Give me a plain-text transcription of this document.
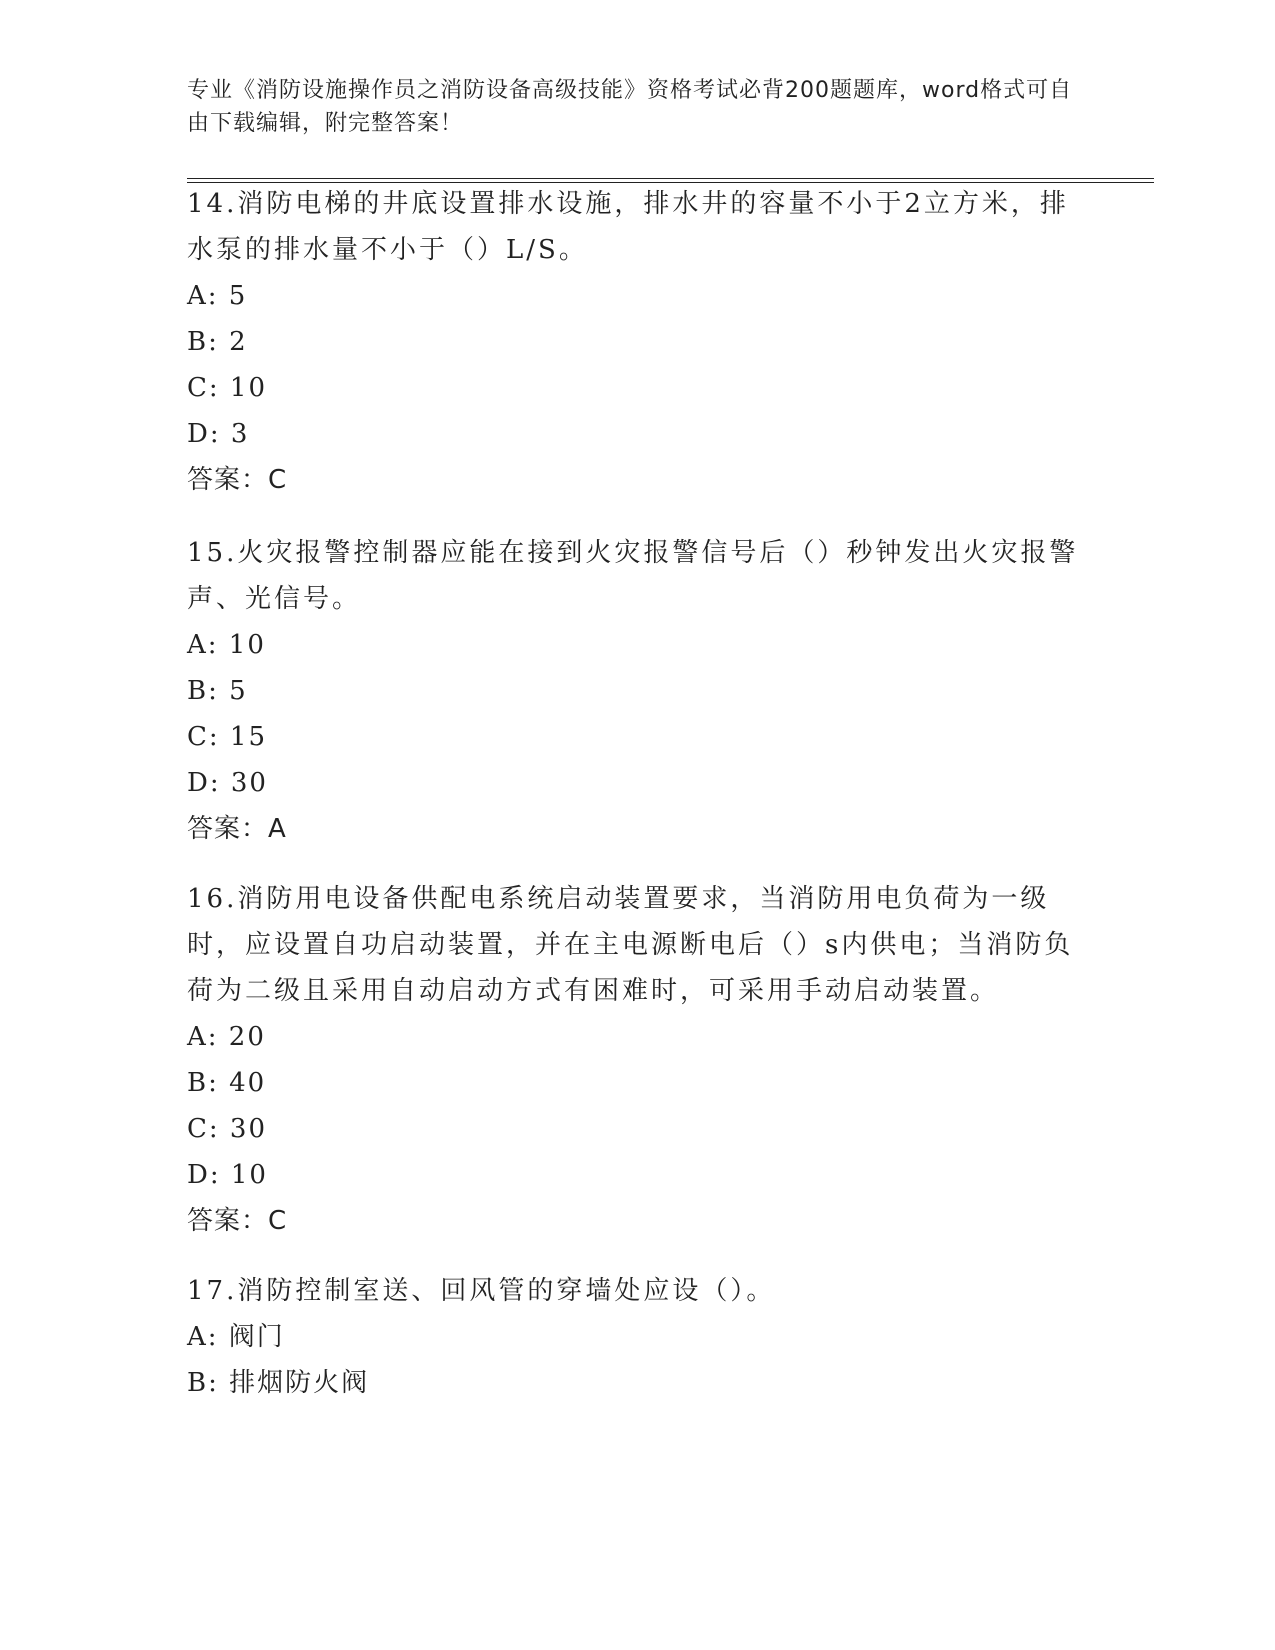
专业《消防设施操作员之消防设备高级技能》资格考试必背200题题库，word格式可自由下载编辑，附完整答案！

14.消防电梯的井底设置排水设施，排水井的容量不小于2立方米，排水泵的排水量不小于（）L/S。

A: 5

B: 2

C: 10

D: 3

答案：C

15.火灾报警控制器应能在接到火灾报警信号后（）秒钟发出火灾报警声、光信号。

A: 10

B: 5

C: 15

D: 30

答案：A

16.消防用电设备供配电系统启动装置要求，当消防用电负荷为一级时，应设置自功启动装置，并在主电源断电后（）s内供电；当消防负荷为二级且采用自动启动方式有困难时，可采用手动启动装置。

A: 20

B: 40

C: 30

D: 10

答案：C

17.消防控制室送、回风管的穿墙处应设（）。

A: 阀门

B: 排烟防火阀
